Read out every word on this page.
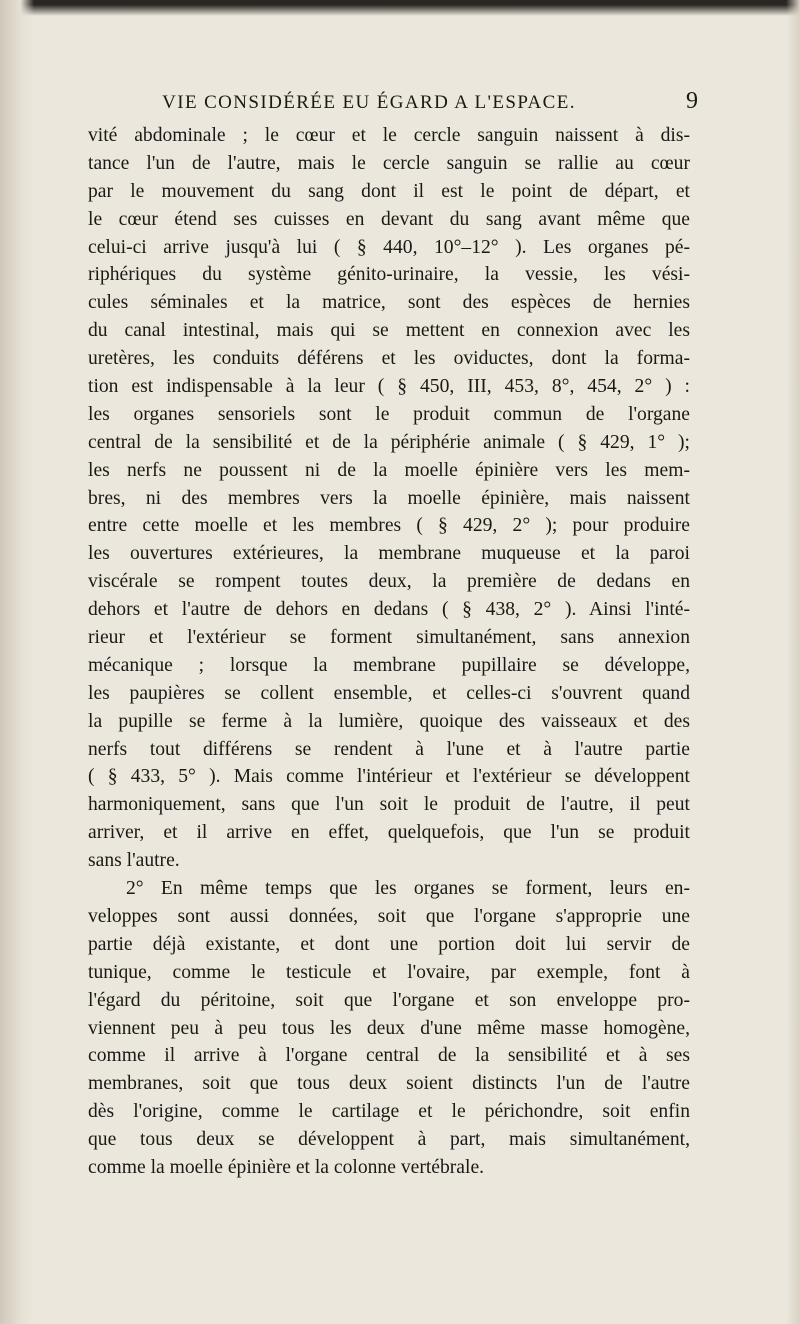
VIE CONSIDÉRÉE EU ÉGARD A L'ESPACE.	9
vité abdominale ; le cœur et le cercle sanguin naissent à dis-
tance l'un de l'autre, mais le cercle sanguin se rallie au cœur
par le mouvement du sang dont il est le point de départ, et
le cœur étend ses cuisses en devant du sang avant même que
celui-ci arrive jusqu'à lui ( § 440, 10°–12° ). Les organes pé-
riphériques du système génito-urinaire, la vessie, les vési-
cules séminales et la matrice, sont des espèces de hernies
du canal intestinal, mais qui se mettent en connexion avec les
uretères, les conduits déférens et les oviductes, dont la forma-
tion est indispensable à la leur ( § 450, III, 453, 8°, 454, 2° ) :
les organes sensoriels sont le produit commun de l'organe
central de la sensibilité et de la périphérie animale ( § 429, 1° );
les nerfs ne poussent ni de la moelle épinière vers les mem-
bres, ni des membres vers la moelle épinière, mais naissent
entre cette moelle et les membres ( § 429, 2° ); pour produire
les ouvertures extérieures, la membrane muqueuse et la paroi
viscérale se rompent toutes deux, la première de dedans en
dehors et l'autre de dehors en dedans ( § 438, 2° ). Ainsi l'inté-
rieur et l'extérieur se forment simultanément, sans annexion
mécanique ; lorsque la membrane pupillaire se développe,
les paupières se collent ensemble, et celles-ci s'ouvrent quand
la pupille se ferme à la lumière, quoique des vaisseaux et des
nerfs tout différens se rendent à l'une et à l'autre partie
( § 433, 5° ). Mais comme l'intérieur et l'extérieur se développent
harmoniquement, sans que l'un soit le produit de l'autre, il peut
arriver, et il arrive en effet, quelquefois, que l'un se produit
sans l'autre.
2° En même temps que les organes se forment, leurs en-
veloppes sont aussi données, soit que l'organe s'approprie une
partie déjà existante, et dont une portion doit lui servir de
tunique, comme le testicule et l'ovaire, par exemple, font à
l'égard du péritoine, soit que l'organe et son enveloppe pro-
viennent peu à peu tous les deux d'une même masse homogène,
comme il arrive à l'organe central de la sensibilité et à ses
membranes, soit que tous deux soient distincts l'un de l'autre
dès l'origine, comme le cartilage et le périchondre, soit enfin
que tous deux se développent à part, mais simultanément,
comme la moelle épinière et la colonne vertébrale.
